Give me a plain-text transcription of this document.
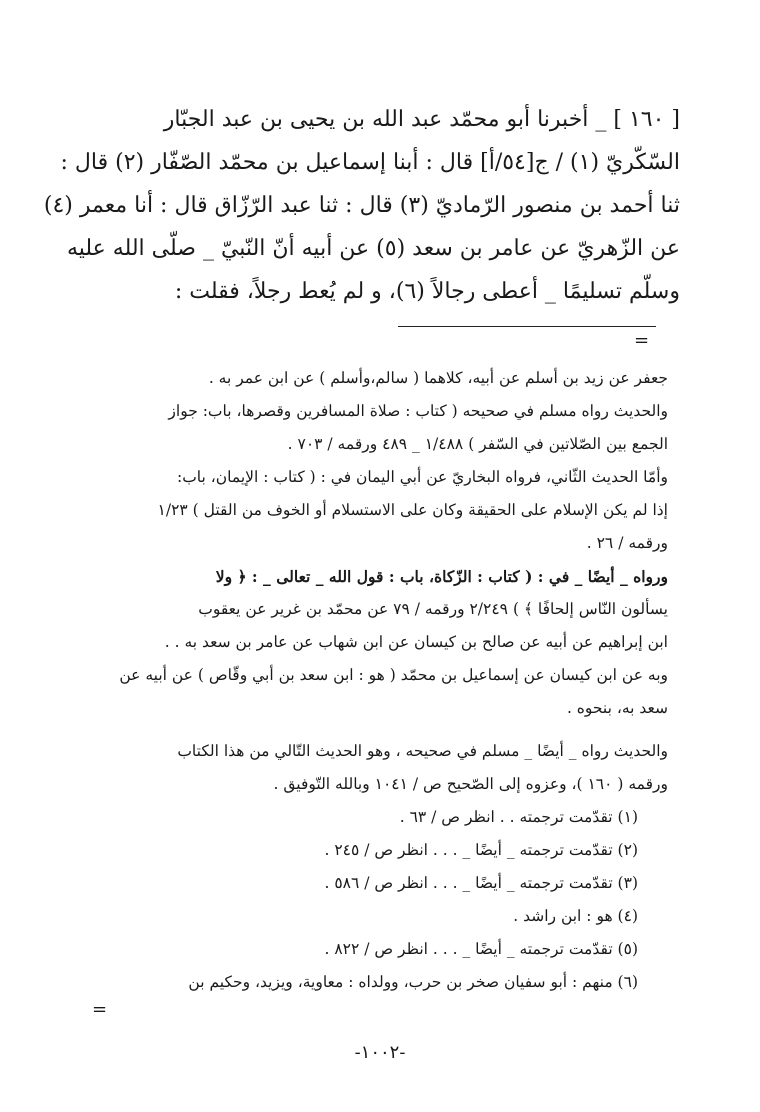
[ ١٦٠ ] _ أخبرنا أبو محمّد عبد الله بن يحيى بن عبد الجبّار
السّكّريّ (١) / ج[٥٤/أ] قال : أبنا إسماعيل بن محمّد الصّفّار (٢) قال :
ثنا أحمد بن منصور الرّماديّ (٣) قال : ثنا عبد الرّزّاق قال : أنا معمر (٤)
عن الزّهريّ عن عامر بن سعد (٥) عن أبيه أنّ النّبيّ _ صلّى الله عليه
وسلّم تسليمًا _ أعطى رجالاً (٦)، و لم يُعط رجلاً، فقلت :
=
جعفر عن زيد بن أسلم عن أبيه، كلاهما ( سالم،وأسلم ) عن ابن عمر به .
والحديث رواه مسلم في صحيحه ( كتاب : صلاة المسافرين وقصرها، باب: جواز
الجمع بين الصّلاتين في السّفر ) ١/٤٨٨ _ ٤٨٩ ورقمه / ٧٠٣ .
وأمّا الحديث الثّاني، فرواه البخاريّ عن أبي اليمان في : ( كتاب : الإيمان، باب:
إذا لم يكن الإسلام على الحقيقة وكان على الاستسلام أو الخوف من القتل ) ١/٢٣
ورقمه / ٢٦ .
ورواه _ أيضًا _ في : ( كتاب : الزّكاة، باب : قول الله _ تعالى _ : ﴿ ولا
يسألون النّاس إلحافًا ﴾ ) ٢/٢٤٩ ورقمه / ٧٩ عن محمّد بن غرير عن يعقوب
ابن إبراهيم عن أبيه عن صالح بن كيسان عن ابن شهاب عن عامر بن سعد به . .
وبه عن ابن كيسان عن إسماعيل بن محمّد ( هو : ابن سعد بن أبي وقّاص ) عن أبيه عن
سعد به، بنحوه .
والحديث رواه _ أيضًا _ مسلم في صحيحه ، وهو الحديث التّالي من هذا الكتاب
ورقمه ( ١٦٠ )، وعزوه إلى الصّحيح ص / ١٠٤١ وبالله التّوفيق .
(١) تقدّمت ترجمته . . انظر ص / ٦٣ .
(٢) تقدّمت ترجمته _ أيضًا _ . . . انظر ص / ٢٤٥ .
(٣) تقدّمت ترجمته _ أيضًا _ . . . انظر ص / ٥٨٦ .
(٤) هو : ابن راشد .
(٥) تقدّمت ترجمته _ أيضًا _ . . . انظر ص / ٨٢٢ .
(٦) منهم : أبو سفيان صخر بن حرب، وولداه : معاوية، ويزيد، وحكيم بن
=
-١٠٠٢-
